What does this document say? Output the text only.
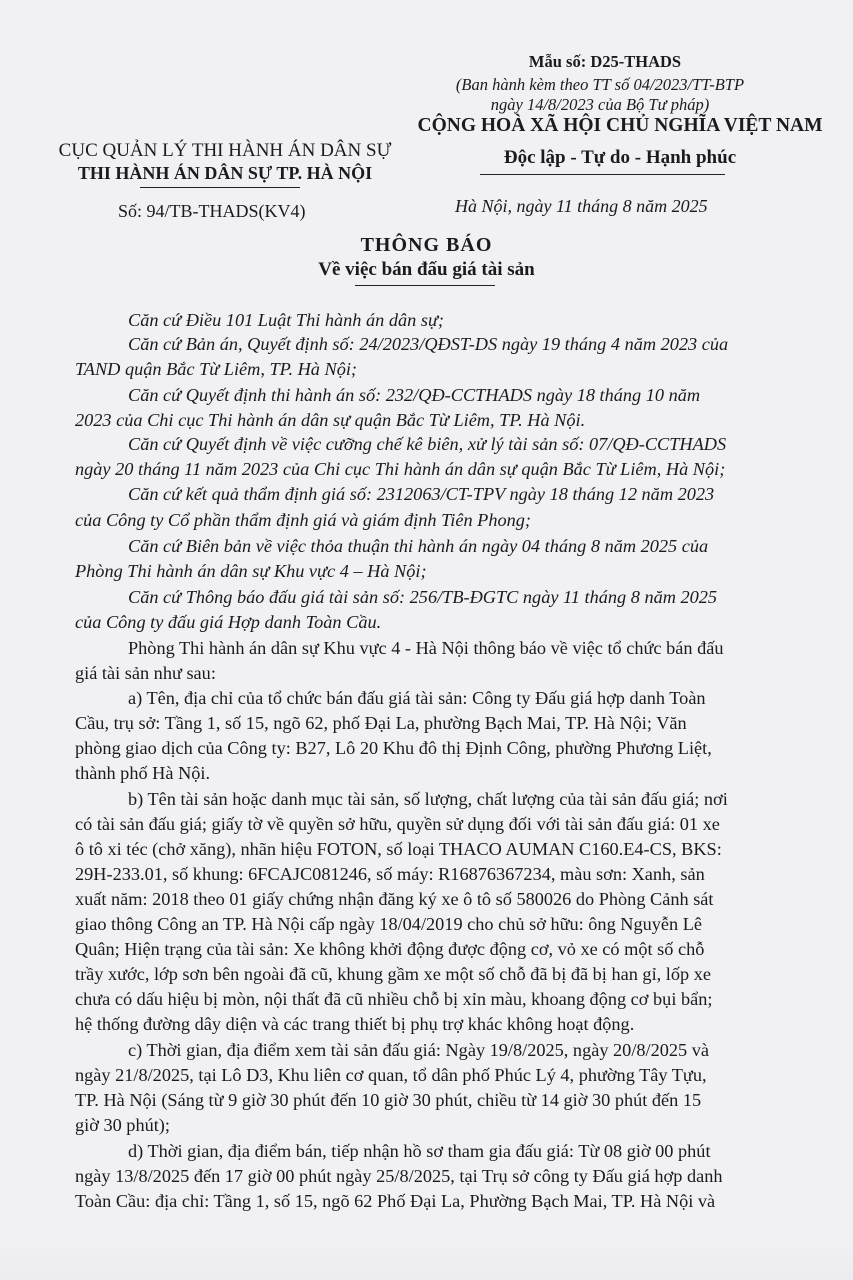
Mẫu số: D25-THADS
(Ban hành kèm theo TT số 04/2023/TT-BTP
ngày 14/8/2023 của Bộ Tư pháp)
CỤC QUẢN LÝ THI HÀNH ÁN DÂN SỰ
THI HÀNH ÁN DÂN SỰ TP. HÀ NỘI
CỘNG HOÀ XÃ HỘI CHỦ NGHĨA VIỆT NAM
Độc lập - Tự do - Hạnh phúc
Số: 94/TB-THADS(KV4)	Hà Nội, ngày 11 tháng 8 năm 2025
THÔNG BÁO
Về việc bán đấu giá tài sản
Căn cứ Điều 101 Luật Thi hành án dân sự;
Căn cứ Bản án, Quyết định số: 24/2023/QĐST-DS ngày 19 tháng 4 năm 2023 của
TAND quận Bắc Từ Liêm, TP. Hà Nội;
Căn cứ Quyết định thi hành án số: 232/QĐ-CCTHADS ngày 18 tháng 10 năm
2023 của Chi cục Thi hành án dân sự quận Bắc Từ Liêm, TP. Hà Nội.
Căn cứ Quyết định về việc cưỡng chế kê biên, xử lý tài sản số: 07/QĐ-CCTHADS
ngày 20 tháng 11 năm 2023 của Chi cục Thi hành án dân sự quận Bắc Từ Liêm, Hà Nội;
Căn cứ kết quả thẩm định giá số: 2312063/CT-TPV ngày 18 tháng 12 năm 2023
của Công ty Cổ phần thẩm định giá và giám định Tiên Phong;
Căn cứ Biên bản về việc thỏa thuận thi hành án ngày 04 tháng 8 năm 2025 của
Phòng Thi hành án dân sự Khu vực 4 – Hà Nội;
Căn cứ Thông báo đấu giá tài sản số: 256/TB-ĐGTC ngày 11 tháng 8 năm 2025
của Công ty đấu giá Hợp danh Toàn Cầu.
Phòng Thi hành án dân sự Khu vực 4 - Hà Nội thông báo về việc tổ chức bán đấu
giá tài sản như sau:
a) Tên, địa chỉ của tổ chức bán đấu giá tài sản: Công ty Đấu giá hợp danh Toàn
Cầu, trụ sở: Tầng 1, số 15, ngõ 62, phố Đại La, phường Bạch Mai, TP. Hà Nội; Văn
phòng giao dịch của Công ty: B27, Lô 20 Khu đô thị Định Công, phường Phương Liệt,
thành phố Hà Nội.
b) Tên tài sản hoặc danh mục tài sản, số lượng, chất lượng của tài sản đấu giá; nơi
có tài sản đấu giá; giấy tờ về quyền sở hữu, quyền sử dụng đối với tài sản đấu giá: 01 xe
ô tô xi téc (chở xăng), nhãn hiệu FOTON, số loại THACO AUMAN C160.E4-CS, BKS:
29H-233.01, số khung: 6FCAJC081246, số máy: R16876367234, màu sơn: Xanh, sản
xuất năm: 2018 theo 01 giấy chứng nhận đăng ký xe ô tô số 580026 do Phòng Cảnh sát
giao thông Công an TP. Hà Nội cấp ngày 18/04/2019 cho chủ sở hữu: ông Nguyễn Lê
Quân; Hiện trạng của tài sản: Xe không khởi động được động cơ, vỏ xe có một số chỗ
trầy xước, lớp sơn bên ngoài đã cũ, khung gầm xe một số chỗ đã bị đã bị han gỉ, lốp xe
chưa có dấu hiệu bị mòn, nội thất đã cũ nhiều chỗ bị xỉn màu, khoang động cơ bụi bẩn;
hệ thống đường dây diện và các trang thiết bị phụ trợ khác không hoạt động.
c) Thời gian, địa điểm xem tài sản đấu giá: Ngày 19/8/2025, ngày 20/8/2025 và
ngày 21/8/2025, tại Lô D3, Khu liên cơ quan, tổ dân phố Phúc Lý 4, phường Tây Tựu,
TP. Hà Nội (Sáng từ 9 giờ 30 phút đến 10 giờ 30 phút, chiều từ 14 giờ 30 phút đến 15
giờ 30 phút);
d) Thời gian, địa điểm bán, tiếp nhận hồ sơ tham gia đấu giá: Từ 08 giờ 00 phút
ngày 13/8/2025 đến 17 giờ 00 phút ngày 25/8/2025, tại Trụ sở công ty Đấu giá hợp danh
Toàn Cầu: địa chỉ: Tầng 1, số 15, ngõ 62 Phố Đại La, Phường Bạch Mai, TP. Hà Nội và
